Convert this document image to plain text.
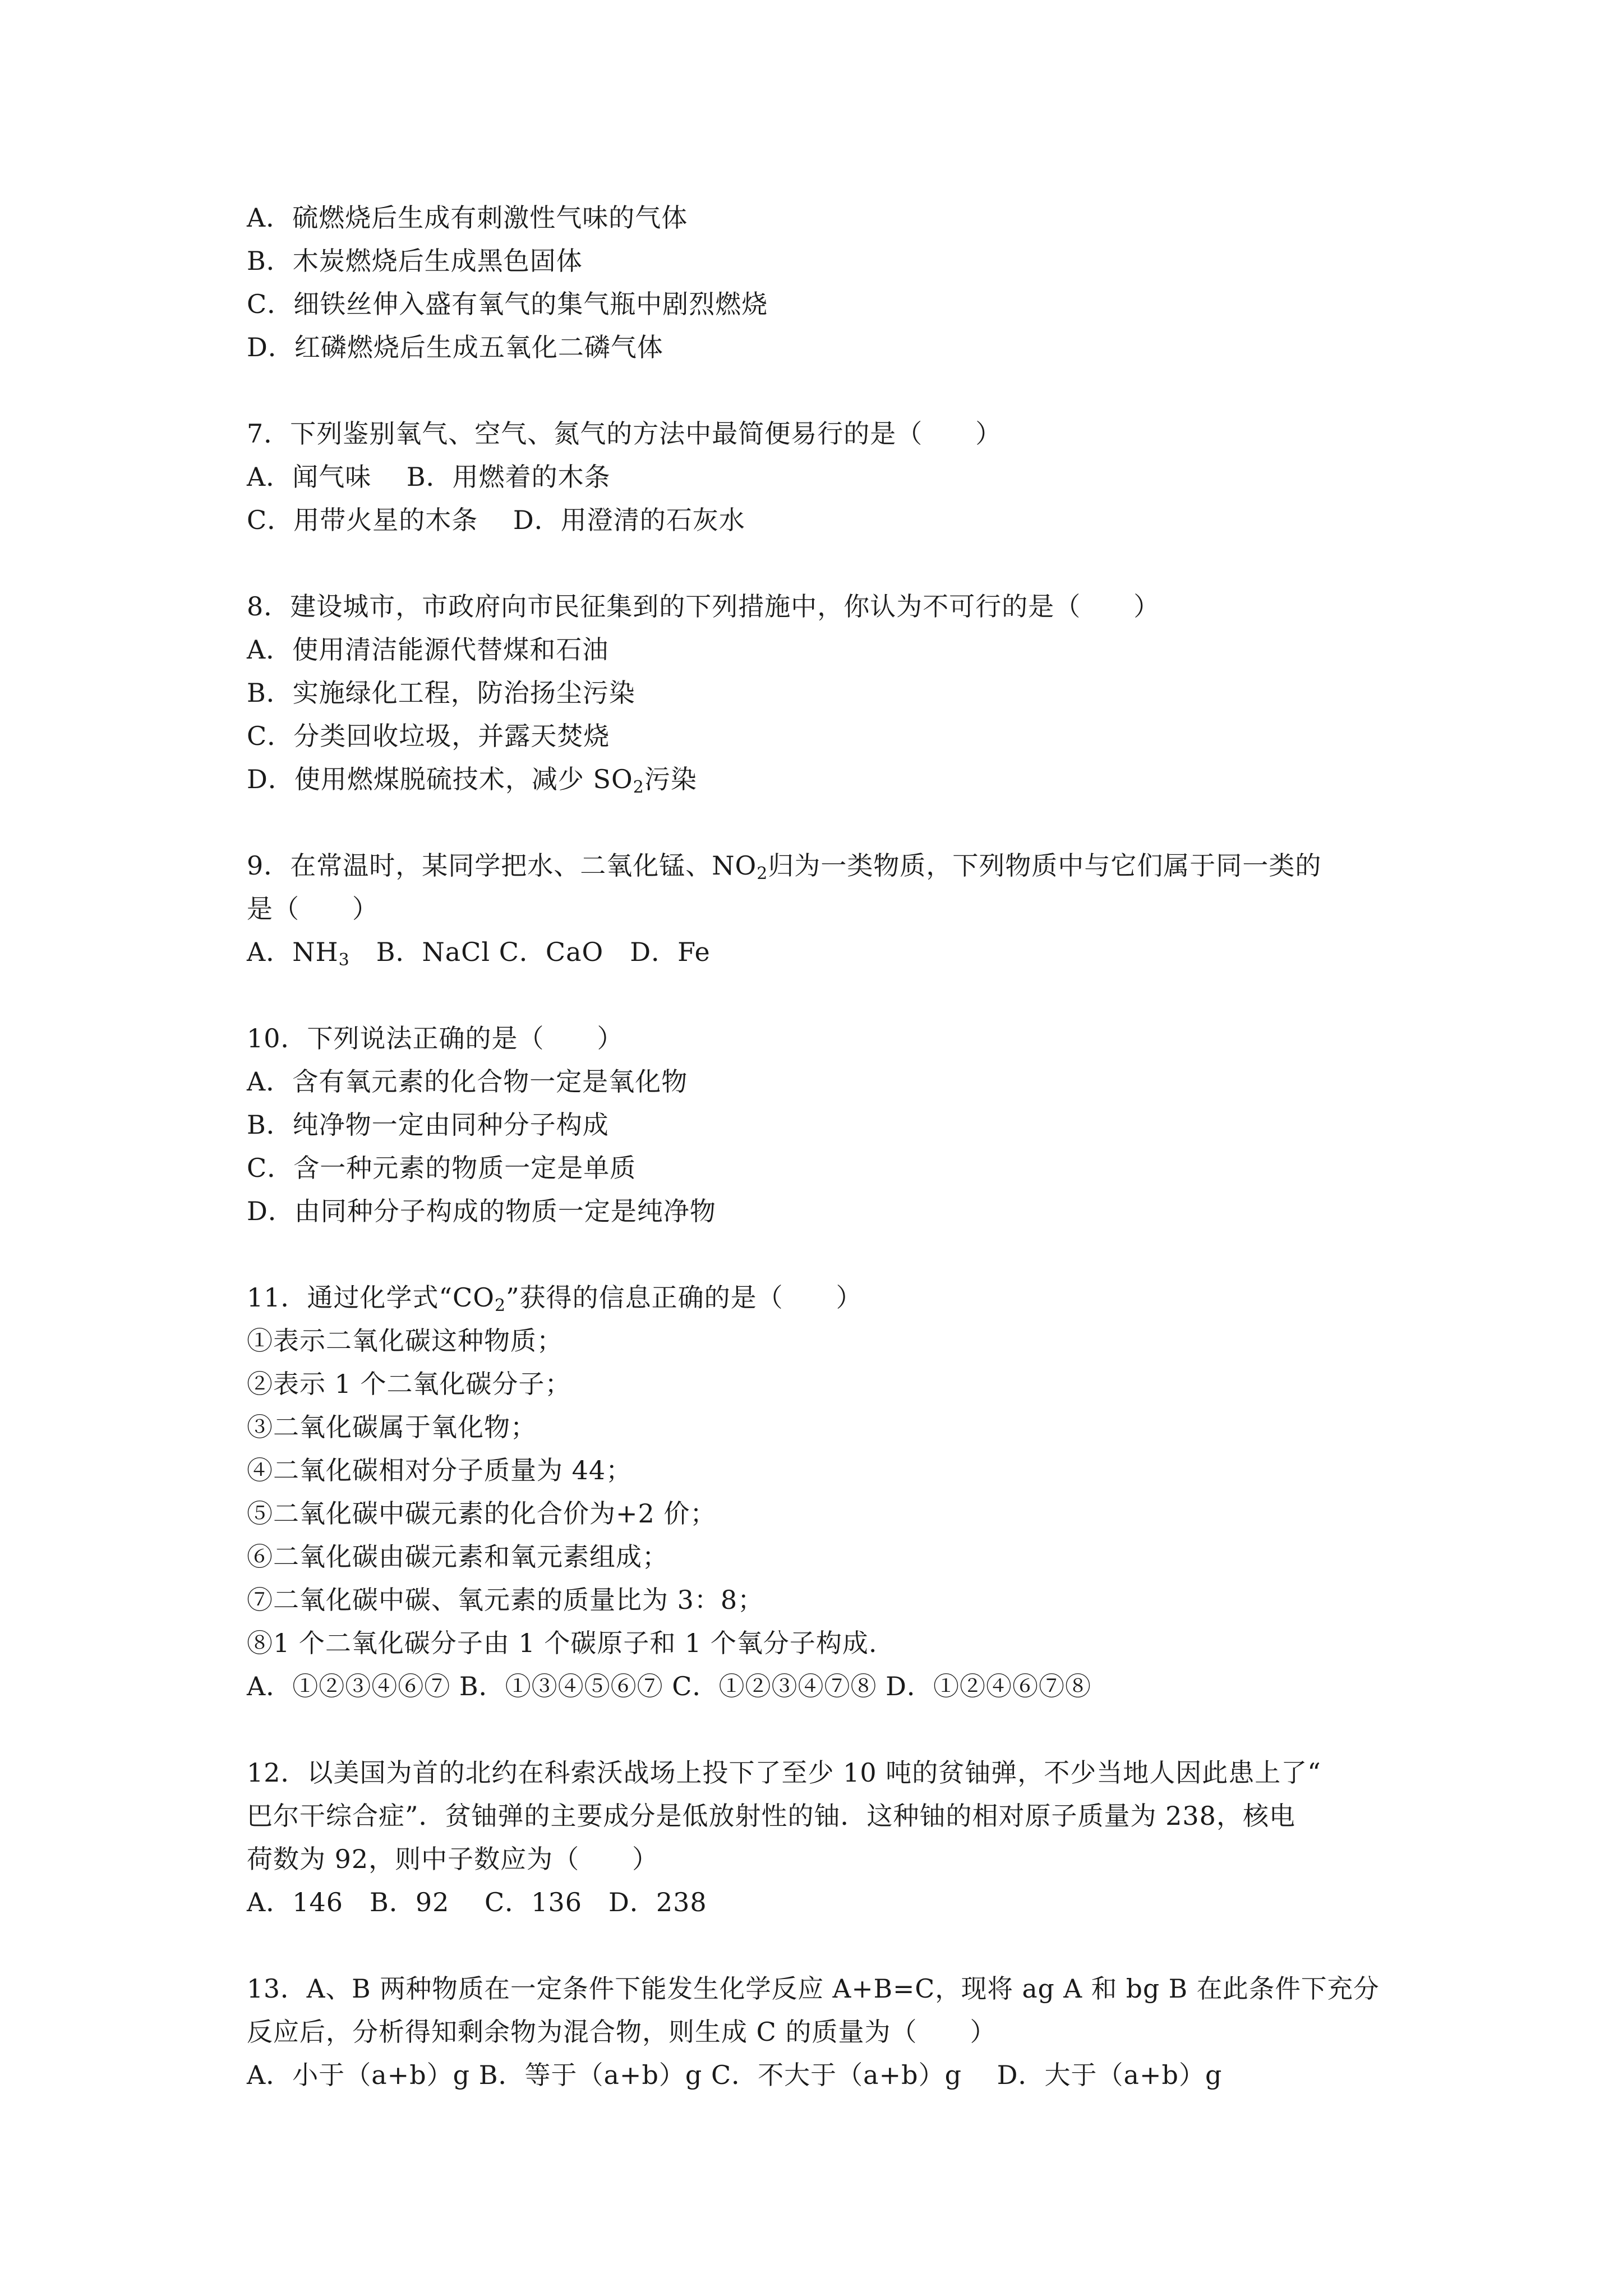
A．硫燃烧后生成有刺激性气味的气体
B．木炭燃烧后生成黑色固体
C．细铁丝伸入盛有氧气的集气瓶中剧烈燃烧
D．红磷燃烧后生成五氧化二磷气体
7．下列鉴别氧气、空气、氮气的方法中最简便易行的是（　　）
A．闻气味　 B．用燃着的木条
C．用带火星的木条　 D．用澄清的石灰水
8．建设城市，市政府向市民征集到的下列措施中，你认为不可行的是（　　）
A．使用清洁能源代替煤和石油
B．实施绿化工程，防治扬尘污染
C．分类回收垃圾，并露天焚烧
D．使用燃煤脱硫技术，减少 $SO_2$污染
9．在常温时，某同学把水、二氧化锰、$NO_2$归为一类物质，下列物质中与它们属于同一类的
是（　　）
A．$NH_3$　B．NaCl C．CaO　D．Fe
10．下列说法正确的是（　　）
A．含有氧元素的化合物一定是氧化物
B．纯净物一定由同种分子构成
C．含一种元素的物质一定是单质
D．由同种分子构成的物质一定是纯净物
11．通过化学式“$CO_2$”获得的信息正确的是（　　）
①表示二氧化碳这种物质；
②表示 1 个二氧化碳分子；
③二氧化碳属于氧化物；
④二氧化碳相对分子质量为 44；
⑤二氧化碳中碳元素的化合价为+2 价；
⑥二氧化碳由碳元素和氧元素组成；
⑦二氧化碳中碳、氧元素的质量比为 3：8；
⑧1 个二氧化碳分子由 1 个碳原子和 1 个氧分子构成.
A．①②③④⑥⑦ B．①③④⑤⑥⑦ C．①②③④⑦⑧ D．①②④⑥⑦⑧
12．以美国为首的北约在科索沃战场上投下了至少 10 吨的贫铀弹，不少当地人因此患上了“
巴尔干综合症”．贫铀弹的主要成分是低放射性的铀．这种铀的相对原子质量为 238，核电
荷数为 92，则中子数应为（　　）
A．146　B．92　 C．136　D．238
13．A、B 两种物质在一定条件下能发生化学反应 A+B=C，现将 ag A 和 bg B 在此条件下充分
反应后，分析得知剩余物为混合物，则生成 C 的质量为（　　）
A．小于（a+b）g B．等于（a+b）g C．不大于（a+b）g　 D．大于（a+b）g
